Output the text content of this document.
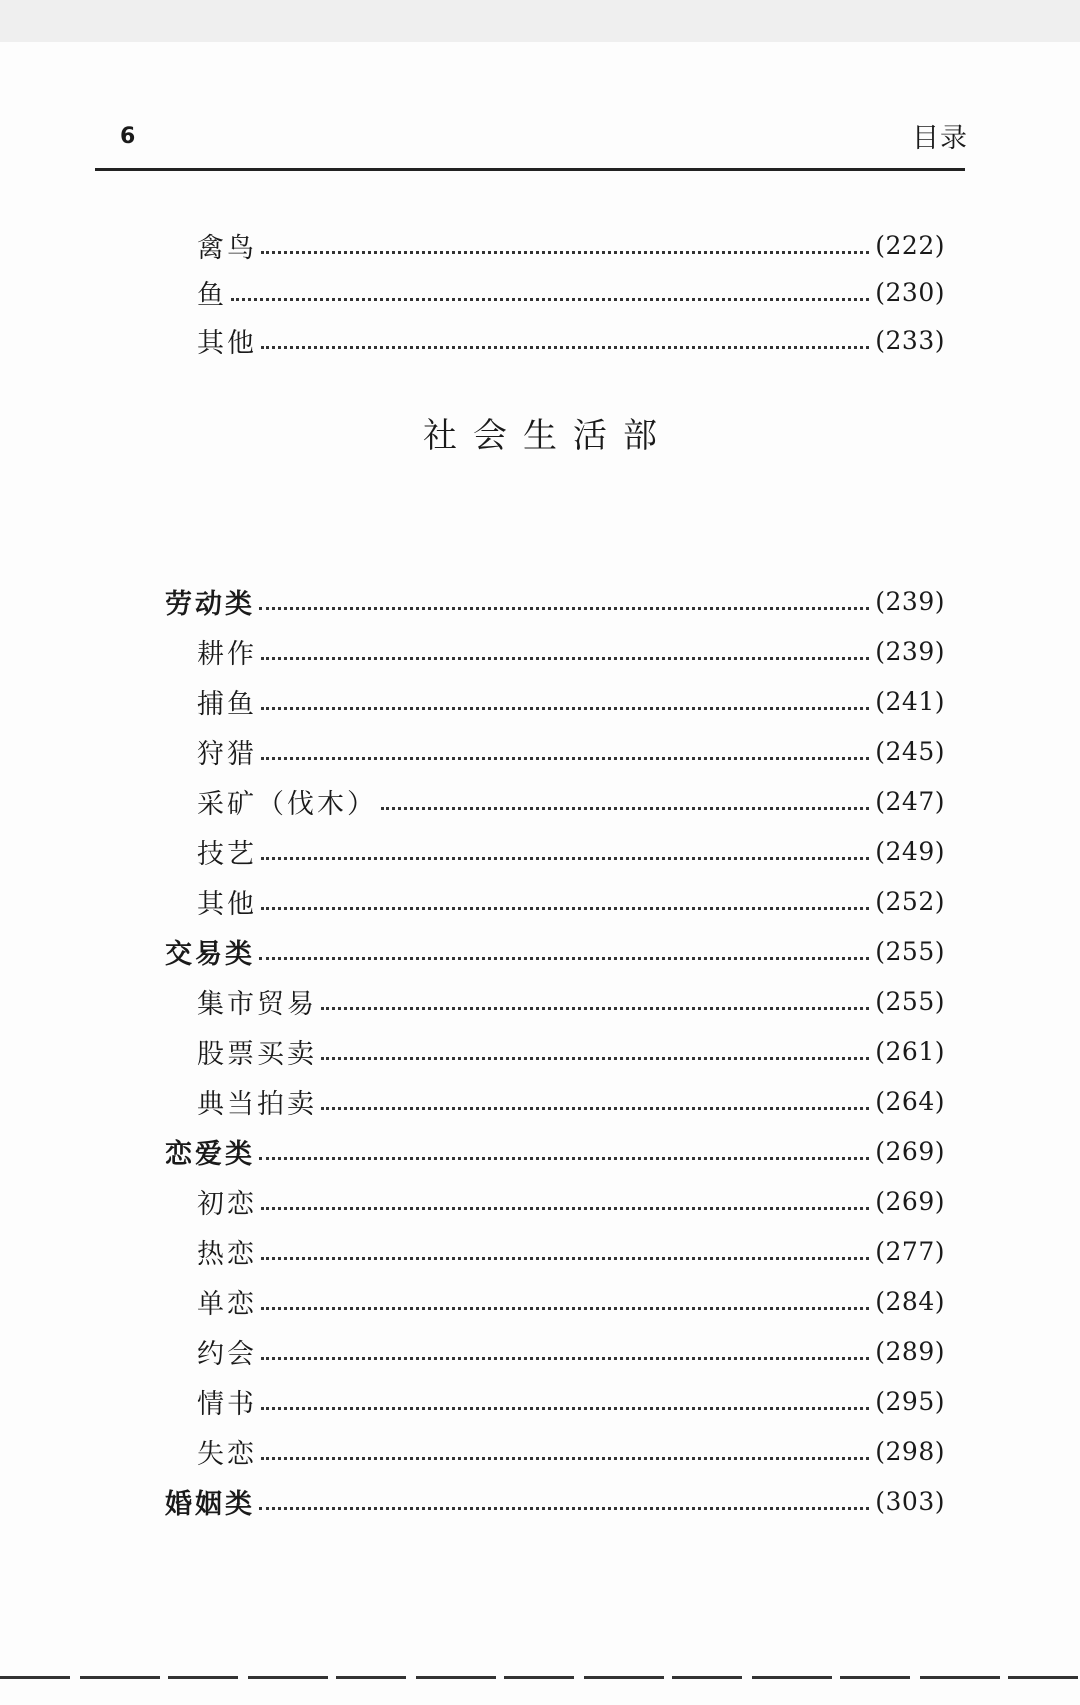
6	目录
禽鸟	(222)
鱼	(230)
其他	(233)
社会生活部
劳动类	(239)
耕作	(239)
捕鱼	(241)
狩猎	(245)
采矿（伐木）	(247)
技艺	(249)
其他	(252)
交易类	(255)
集市贸易	(255)
股票买卖	(261)
典当拍卖	(264)
恋爱类	(269)
初恋	(269)
热恋	(277)
单恋	(284)
约会	(289)
情书	(295)
失恋	(298)
婚姻类	(303)
